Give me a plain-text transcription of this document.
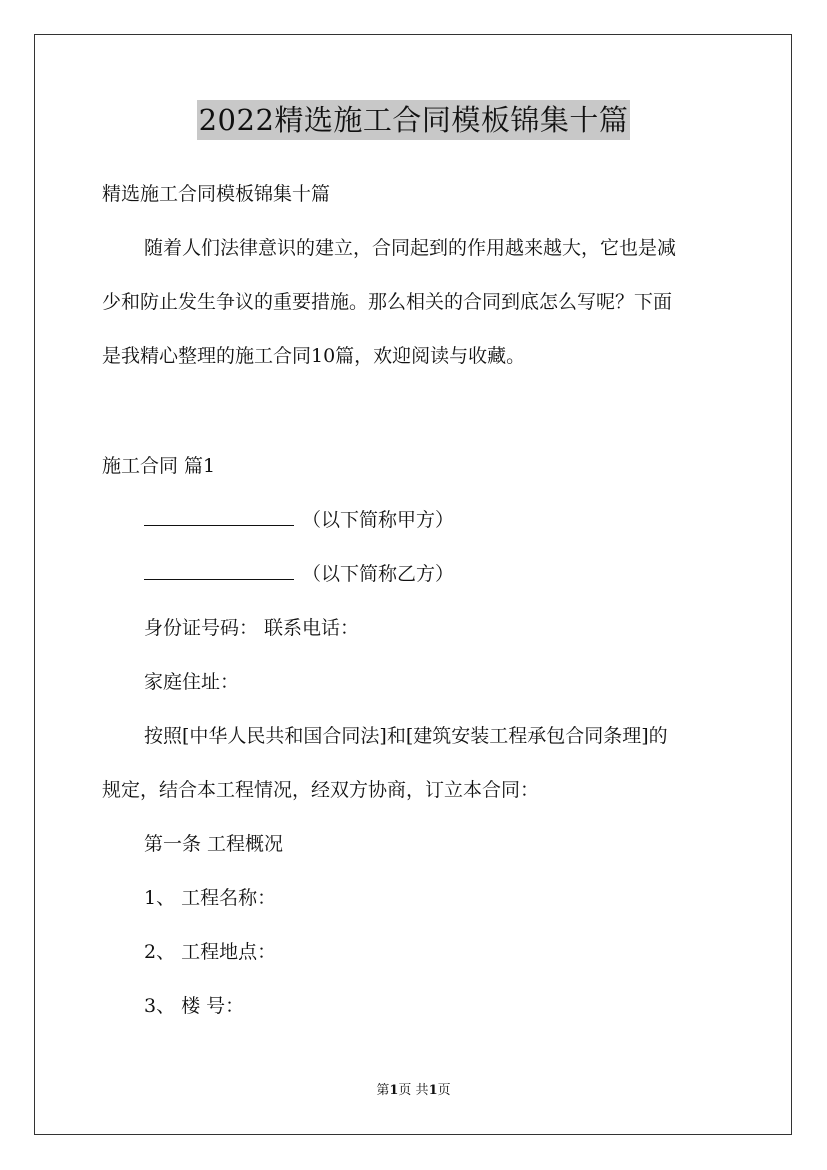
2022精选施工合同模板锦集十篇
精选施工合同模板锦集十篇
随着人们法律意识的建立，合同起到的作用越来越大，它也是减
少和防止发生争议的重要措施。那么相关的合同到底怎么写呢？下面
是我精心整理的施工合同10篇，欢迎阅读与收藏。
施工合同 篇1
（以下简称甲方）
（以下简称乙方）
身份证号码： 联系电话：
家庭住址：
按照[中华人民共和国合同法]和[建筑安装工程承包合同条理]的
规定，结合本工程情况，经双方协商，订立本合同：
第一条 工程概况
1、 工程名称：
2、 工程地点：
3、 楼 号：
第1页 共1页
